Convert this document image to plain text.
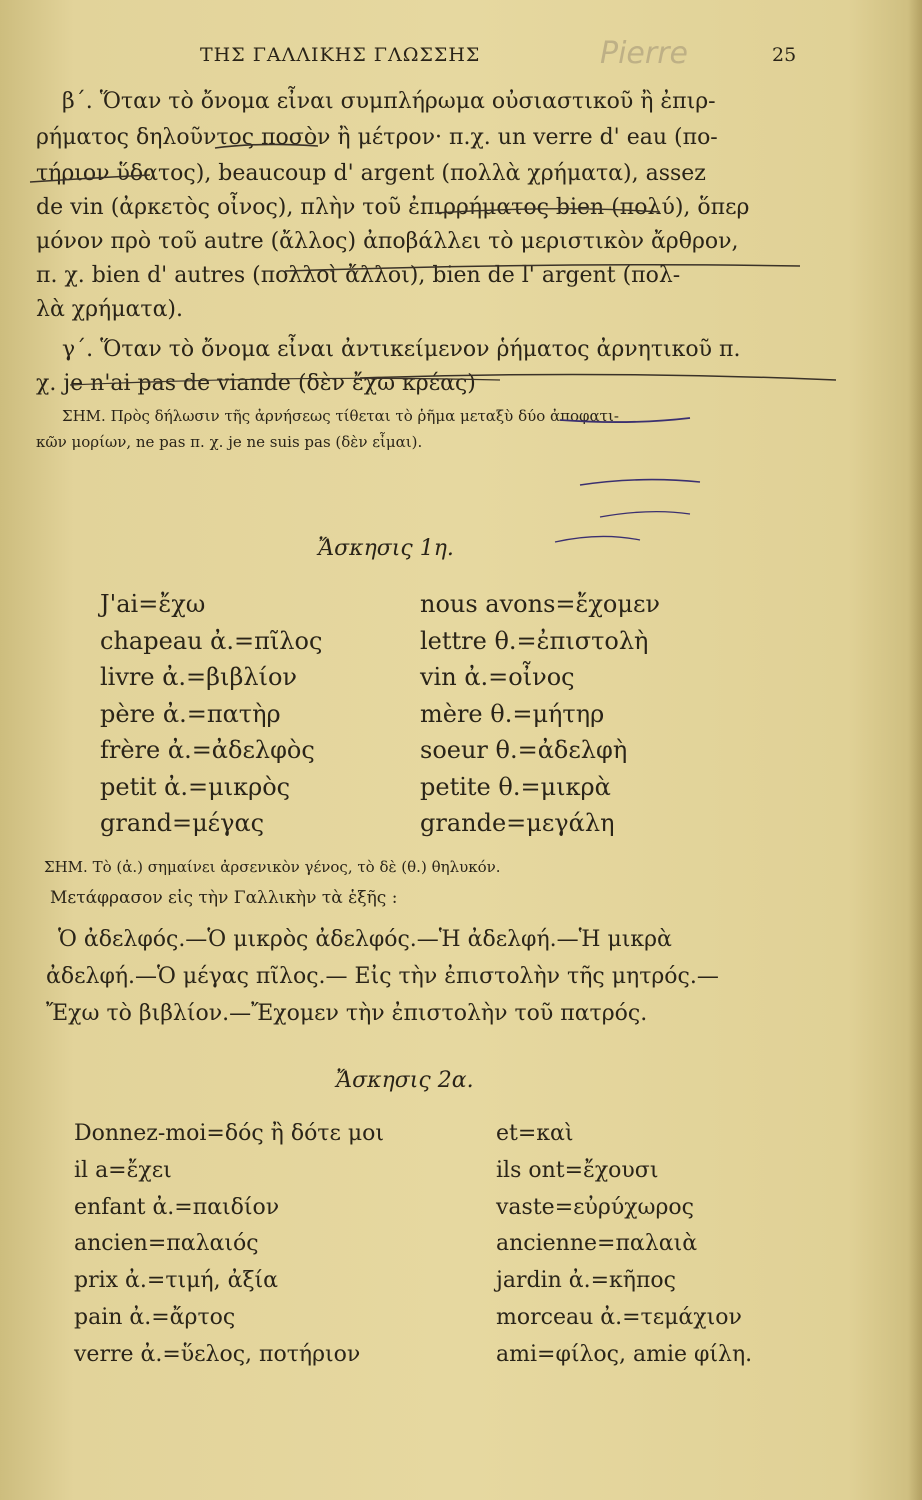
ΤΗΣ ΓΑΛΛΙΚΗΣ ΓΛΩΣΣΗΣ	Pierre	25
β΄. Ὅταν τὸ ὄνομα εἶναι συμπλήρωμα οὐσιαστικοῦ ἢ ἐπιρ-
ρήματος δηλοῦντος ποσὸν ἢ μέτρον· π.χ. un verre d' eau (πο-
τήριον ὕδατος), beaucoup d' argent (πολλὰ χρήματα), assez
de vin (ἀρκετὸς οἶνος), πλὴν τοῦ ἐπιρρήματος bien (πολύ), ὅπερ
μόνον πρὸ τοῦ autre (ἄλλος) ἀποβάλλει τὸ μεριστικὸν ἄρθρον,
π. χ. bien d' autres (πολλοὶ ἄλλοι), bien de l' argent (πολ-
λὰ χρήματα).
γ΄. Ὅταν τὸ ὄνομα εἶναι ἀντικείμενον ῥήματος ἀρνητικοῦ π.
χ. je n'ai pas de viande (δὲν ἔχω κρέας)
ΣΗΜ. Πρὸς δήλωσιν τῆς ἀρνήσεως τίθεται τὸ ῥῆμα μεταξὺ δύο ἀποφατι-
κῶν μορίων, ne pas π. χ. je ne suis pas (δὲν εἶμαι).
Ἄσκησις 1η.
J'ai=ἔχω
chapeau ἀ.=πῖλος
livre ἀ.=βιβλίον
père ἀ.=πατὴρ
frère ἀ.=ἀδελφὸς
petit ἀ.=μικρὸς
grand=μέγας
nous avons=ἔχομεν
lettre θ.=ἐπιστολὴ
vin ἀ.=οἶνος
mère θ.=μήτηρ
soeur θ.=ἀδελφὴ
petite θ.=μικρὰ
grande=μεγάλη
ΣΗΜ. Τὸ (ἀ.) σημαίνει ἀρσενικὸν γένος, τὸ δὲ (θ.) θηλυκόν.
Μετάφρασον εἰς τὴν Γαλλικὴν τὰ ἑξῆς :
Ὁ ἀδελφός.—Ὁ μικρὸς ἀδελφός.—Ἡ ἀδελφή.—Ἡ μικρὰ
ἀδελφή.—Ὁ μέγας πῖλος.— Εἰς τὴν ἐπιστολὴν τῆς μητρός.—
Ἔχω τὸ βιβλίον.—Ἔχομεν τὴν ἐπιστολὴν τοῦ πατρός.
Ἄσκησις 2α.
Donnez-moi=δός ἢ δότε μοι
il a=ἔχει
enfant ἀ.=παιδίον
ancien=παλαιός
prix ἀ.=τιμή, ἀξία
pain ἀ.=ἄρτος
verre ἀ.=ὕελος, ποτήριον
et=καὶ
ils ont=ἔχουσι
vaste=εὐρύχωρος
ancienne=παλαιὰ
jardin ἀ.=κῆπος
morceau ἀ.=τεμάχιον
ami=φίλος, amie φίλη.
